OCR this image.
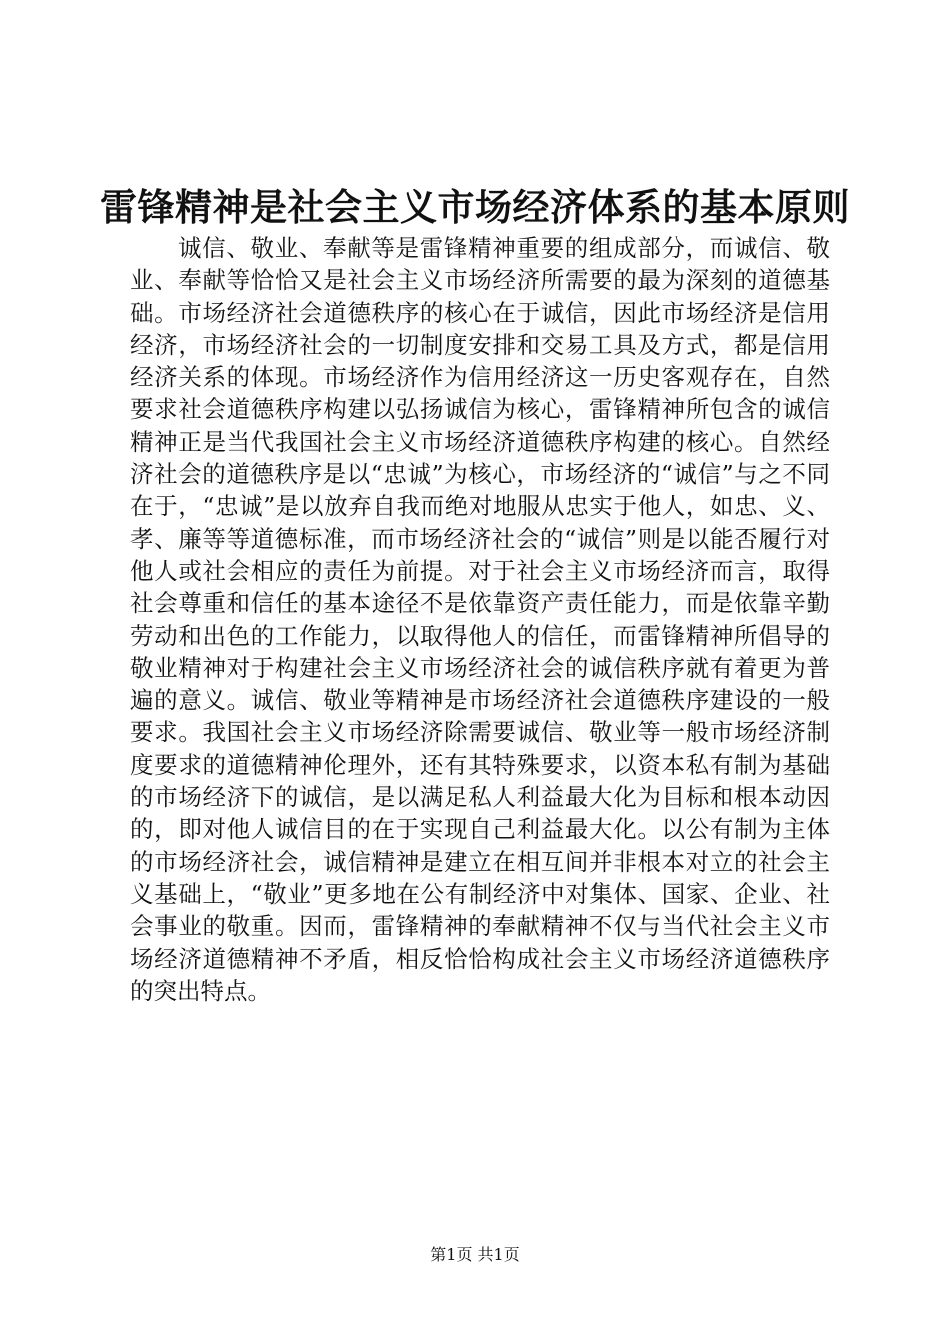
雷锋精神是社会主义市场经济体系的基本原则

诚信、敬业、奉献等是雷锋精神重要的组成部分，而诚信、敬业、奉献等恰恰又是社会主义市场经济所需要的最为深刻的道德基础。市场经济社会道德秩序的核心在于诚信，因此市场经济是信用经济，市场经济社会的一切制度安排和交易工具及方式，都是信用经济关系的体现。市场经济作为信用经济这一历史客观存在，自然要求社会道德秩序构建以弘扬诚信为核心，雷锋精神所包含的诚信精神正是当代我国社会主义市场经济道德秩序构建的核心。自然经济社会的道德秩序是以“忠诚”为核心，市场经济的“诚信”与之不同在于，“忠诚”是以放弃自我而绝对地服从忠实于他人，如忠、义、孝、廉等等道德标准，而市场经济社会的“诚信”则是以能否履行对他人或社会相应的责任为前提。对于社会主义市场经济而言，取得社会尊重和信任的基本途径不是依靠资产责任能力，而是依靠辛勤劳动和出色的工作能力，以取得他人的信任，而雷锋精神所倡导的敬业精神对于构建社会主义市场经济社会的诚信秩序就有着更为普遍的意义。诚信、敬业等精神是市场经济社会道德秩序建设的一般要求。我国社会主义市场经济除需要诚信、敬业等一般市场经济制度要求的道德精神伦理外，还有其特殊要求，以资本私有制为基础的市场经济下的诚信，是以满足私人利益最大化为目标和根本动因的，即对他人诚信目的在于实现自己利益最大化。以公有制为主体的市场经济社会，诚信精神是建立在相互间并非根本对立的社会主义基础上，“敬业”更多地在公有制经济中对集体、国家、企业、社会事业的敬重。因而，雷锋精神的奉献精神不仅与当代社会主义市场经济道德精神不矛盾，相反恰恰构成社会主义市场经济道德秩序的突出特点。

第1页 共1页
